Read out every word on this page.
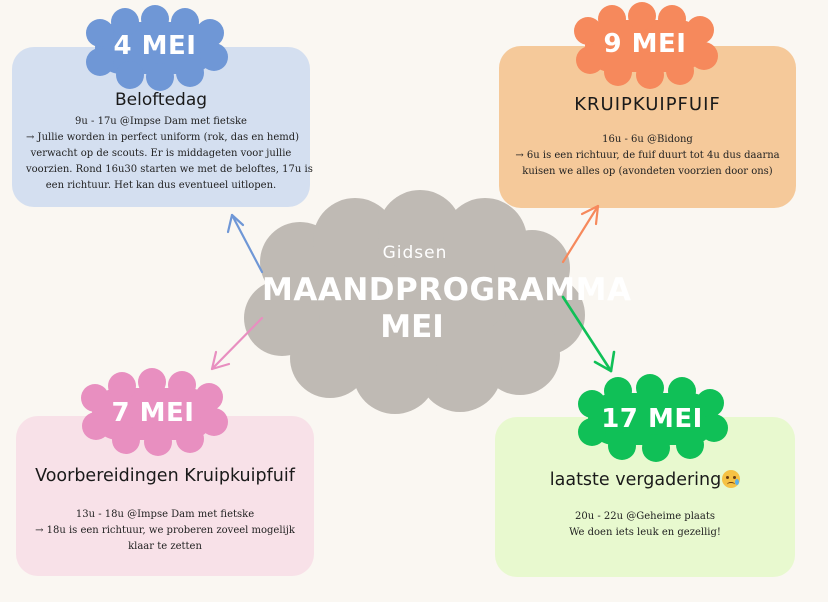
Gidsen
MAANDPROGRAMMA
MEI
4 MEI	9 MEI
7 MEI	17 MEI
Beloftedag
9u - 17u @Impse Dam met fietske
→ Jullie worden in perfect uniform (rok, das en hemd)
verwacht op de scouts. Er is middageten voor jullie
voorzien. Rond 16u30 starten we met de beloftes, 17u is
een richtuur. Het kan dus eventueel uitlopen.
KRUIPKUIPFUIF
16u - 6u @Bidong
→ 6u is een richtuur, de fuif duurt tot 4u dus daarna
kuisen we alles op (avondeten voorzien door ons)
Voorbereidingen Kruipkuipfuif
13u - 18u @Impse Dam met fietske
→ 18u is een richtuur, we proberen zoveel mogelijk
klaar te zetten
laatste vergadering
20u - 22u @Geheime plaats
We doen iets leuk en gezellig!
